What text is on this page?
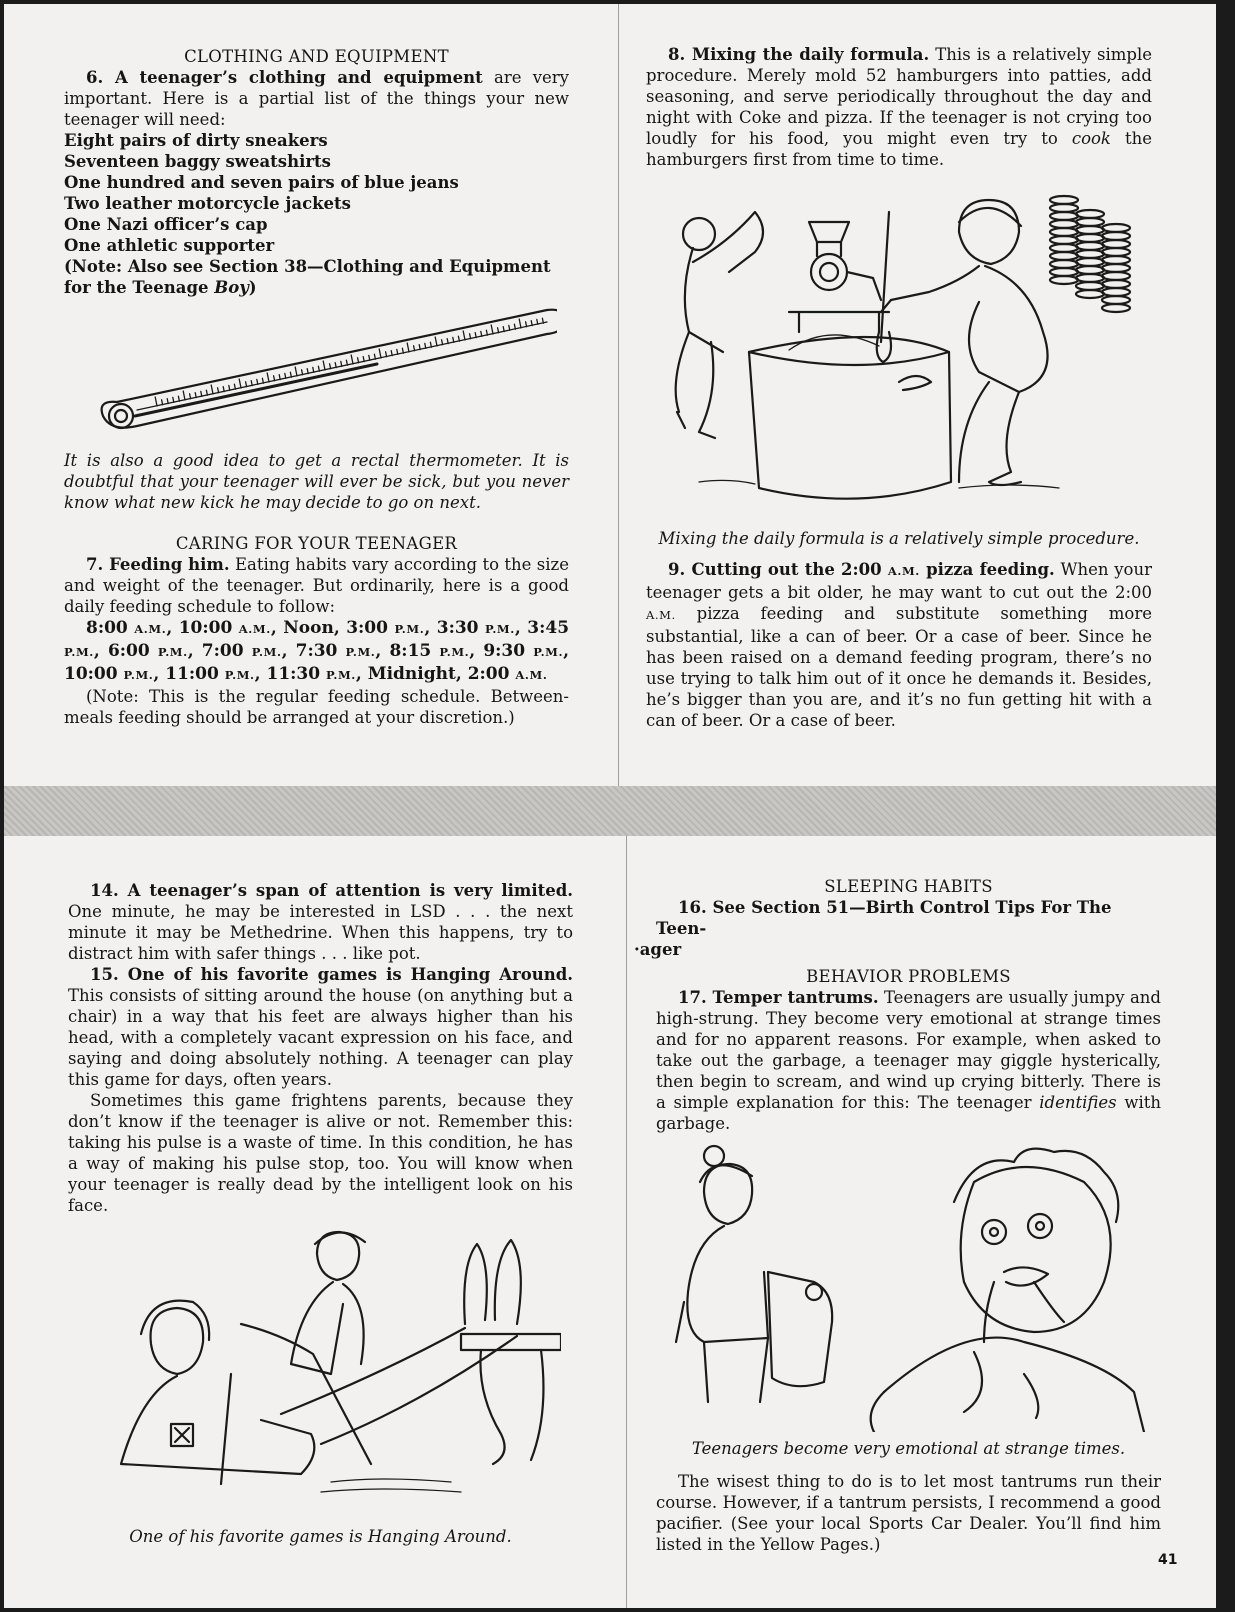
CLOTHING AND EQUIPMENT

6. A teenager’s clothing and equipment are very important. Here is a partial list of the things your new teenager will need:

Eight pairs of dirty sneakers

Seventeen baggy sweatshirts

One hundred and seven pairs of blue jeans

Two leather motorcycle jackets

One Nazi officer’s cap

One athletic supporter

(Note: Also see Section 38—Clothing and Equipment for the Teenage Boy)

It is also a good idea to get a rectal thermometer. It is doubtful that your teenager will ever be sick, but you never know what new kick he may decide to go on next.

CARING FOR YOUR TEENAGER

7. Feeding him. Eating habits vary according to the size and weight of the teenager. But ordinarily, here is a good daily feeding schedule to follow:

8:00 A.M., 10:00 A.M., Noon, 3:00 P.M., 3:30 P.M., 3:45 P.M., 6:00 P.M., 7:00 P.M., 7:30 P.M., 8:15 P.M., 9:30 P.M., 10:00 P.M., 11:00 P.M., 11:30 P.M., Midnight, 2:00 A.M.

(Note: This is the regular feeding schedule. Between-meals feeding should be arranged at your discretion.)

8. Mixing the daily formula. This is a relatively simple procedure. Merely mold 52 hamburgers into patties, add seasoning, and serve periodically throughout the day and night with Coke and pizza. If the teenager is not crying too loudly for his food, you might even try to cook the hamburgers first from time to time.

Mixing the daily formula is a relatively simple procedure.

9. Cutting out the 2:00 A.M. pizza feeding. When your teenager gets a bit older, he may want to cut out the 2:00 A.M. pizza feeding and substitute something more substantial, like a can of beer. Or a case of beer. Since he has been raised on a demand feeding program, there’s no use trying to talk him out of it once he demands it. Besides, he’s bigger than you are, and it’s no fun getting hit with a can of beer. Or a case of beer.

14. A teenager’s span of attention is very limited. One minute, he may be interested in LSD . . . the next minute it may be Methedrine. When this happens, try to distract him with safer things . . . like pot.

15. One of his favorite games is Hanging Around. This consists of sitting around the house (on anything but a chair) in a way that his feet are always higher than his head, with a completely vacant expression on his face, and saying and doing absolutely nothing. A teenager can play this game for days, often years.

Sometimes this game frightens parents, because they don’t know if the teenager is alive or not. Remember this: taking his pulse is a waste of time. In this condition, he has a way of making his pulse stop, too. You will know when your teenager is really dead by the intelligent look on his face.

One of his favorite games is Hanging Around.

SLEEPING HABITS

16. See Section 51—Birth Control Tips For The Teen-
·ager

BEHAVIOR PROBLEMS

17. Temper tantrums. Teenagers are usually jumpy and high-strung. They become very emotional at strange times and for no apparent reasons. For example, when asked to take out the garbage, a teenager may giggle hysterically, then begin to scream, and wind up crying bitterly. There is a simple explanation for this: The teenager identifies with garbage.

Teenagers become very emotional at strange times.

The wisest thing to do is to let most tantrums run their course. However, if a tantrum persists, I recommend a good pacifier. (See your local Sports Car Dealer. You’ll find him listed in the Yellow Pages.)

41
